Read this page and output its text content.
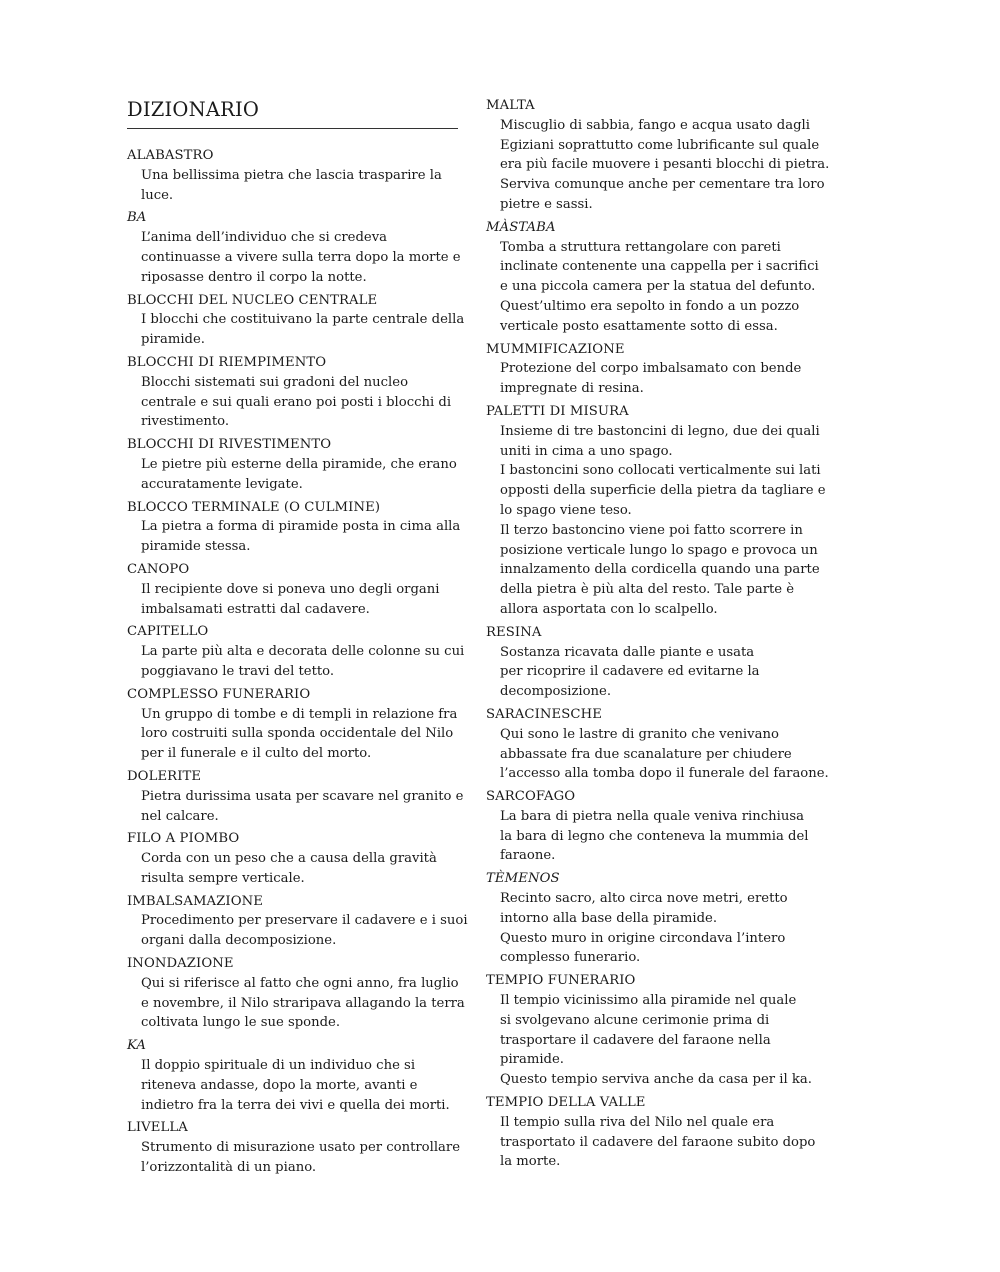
DIZIONARIO
ALABASTRO
Una bellissima pietra che lascia trasparire la
luce.
BA
L’anima dell’individuo che si credeva
continuasse a vivere sulla terra dopo la morte e
riposasse dentro il corpo la notte.
BLOCCHI DEL NUCLEO CENTRALE
I blocchi che costituivano la parte centrale della
piramide.
BLOCCHI DI RIEMPIMENTO
Blocchi sistemati sui gradoni del nucleo
centrale e sui quali erano poi posti i blocchi di
rivestimento.
BLOCCHI DI RIVESTIMENTO
Le pietre più esterne della piramide, che erano
accuratamente levigate.
BLOCCO TERMINALE (O CULMINE)
La pietra a forma di piramide posta in cima alla
piramide stessa.
CANOPO
Il recipiente dove si poneva uno degli organi
imbalsamati estratti dal cadavere.
CAPITELLO
La parte più alta e decorata delle colonne su cui
poggiavano le travi del tetto.
COMPLESSO FUNERARIO
Un gruppo di tombe e di templi in relazione fra
loro costruiti sulla sponda occidentale del Nilo
per il funerale e il culto del morto.
DOLERITE
Pietra durissima usata per scavare nel granito e
nel calcare.
FILO A PIOMBO
Corda con un peso che a causa della gravità
risulta sempre verticale.
IMBALSAMAZIONE
Procedimento per preservare il cadavere e i suoi
organi dalla decomposizione.
INONDAZIONE
Qui si riferisce al fatto che ogni anno, fra luglio
e novembre, il Nilo straripava allagando la terra
coltivata lungo le sue sponde.
KA
Il doppio spirituale di un individuo che si
riteneva andasse, dopo la morte, avanti e
indietro fra la terra dei vivi e quella dei morti.
LIVELLA
Strumento di misurazione usato per controllare
l’orizzontalità di un piano.
MALTA
Miscuglio di sabbia, fango e acqua usato dagli
Egiziani soprattutto come lubrificante sul quale
era più facile muovere i pesanti blocchi di pietra.
Serviva comunque anche per cementare tra loro
pietre e sassi.
MÀSTABA
Tomba a struttura rettangolare con pareti
inclinate contenente una cappella per i sacrifici
e una piccola camera per la statua del defunto.
Quest’ultimo era sepolto in fondo a un pozzo
verticale posto esattamente sotto di essa.
MUMMIFICAZIONE
Protezione del corpo imbalsamato con bende
impregnate di resina.
PALETTI DI MISURA
Insieme di tre bastoncini di legno, due dei quali
uniti in cima a uno spago.
I bastoncini sono collocati verticalmente sui lati
opposti della superficie della pietra da tagliare e
lo spago viene teso.
Il terzo bastoncino viene poi fatto scorrere in
posizione verticale lungo lo spago e provoca un
innalzamento della cordicella quando una parte
della pietra è più alta del resto. Tale parte è
allora asportata con lo scalpello.
RESINA
Sostanza ricavata dalle piante e usata
per ricoprire il cadavere ed evitarne la
decomposizione.
SARACINESCHE
Qui sono le lastre di granito che venivano
abbassate fra due scanalature per chiudere
l’accesso alla tomba dopo il funerale del faraone.
SARCOFAGO
La bara di pietra nella quale veniva rinchiusa
la bara di legno che conteneva la mummia del
faraone.
TÈMENOS
Recinto sacro, alto circa nove metri, eretto
intorno alla base della piramide.
Questo muro in origine circondava l’intero
complesso funerario.
TEMPIO FUNERARIO
Il tempio vicinissimo alla piramide nel quale
si svolgevano alcune cerimonie prima di
trasportare il cadavere del faraone nella
piramide.
Questo tempio serviva anche da casa per il ka.
TEMPIO DELLA VALLE
Il tempio sulla riva del Nilo nel quale era
trasportato il cadavere del faraone subito dopo
la morte.
